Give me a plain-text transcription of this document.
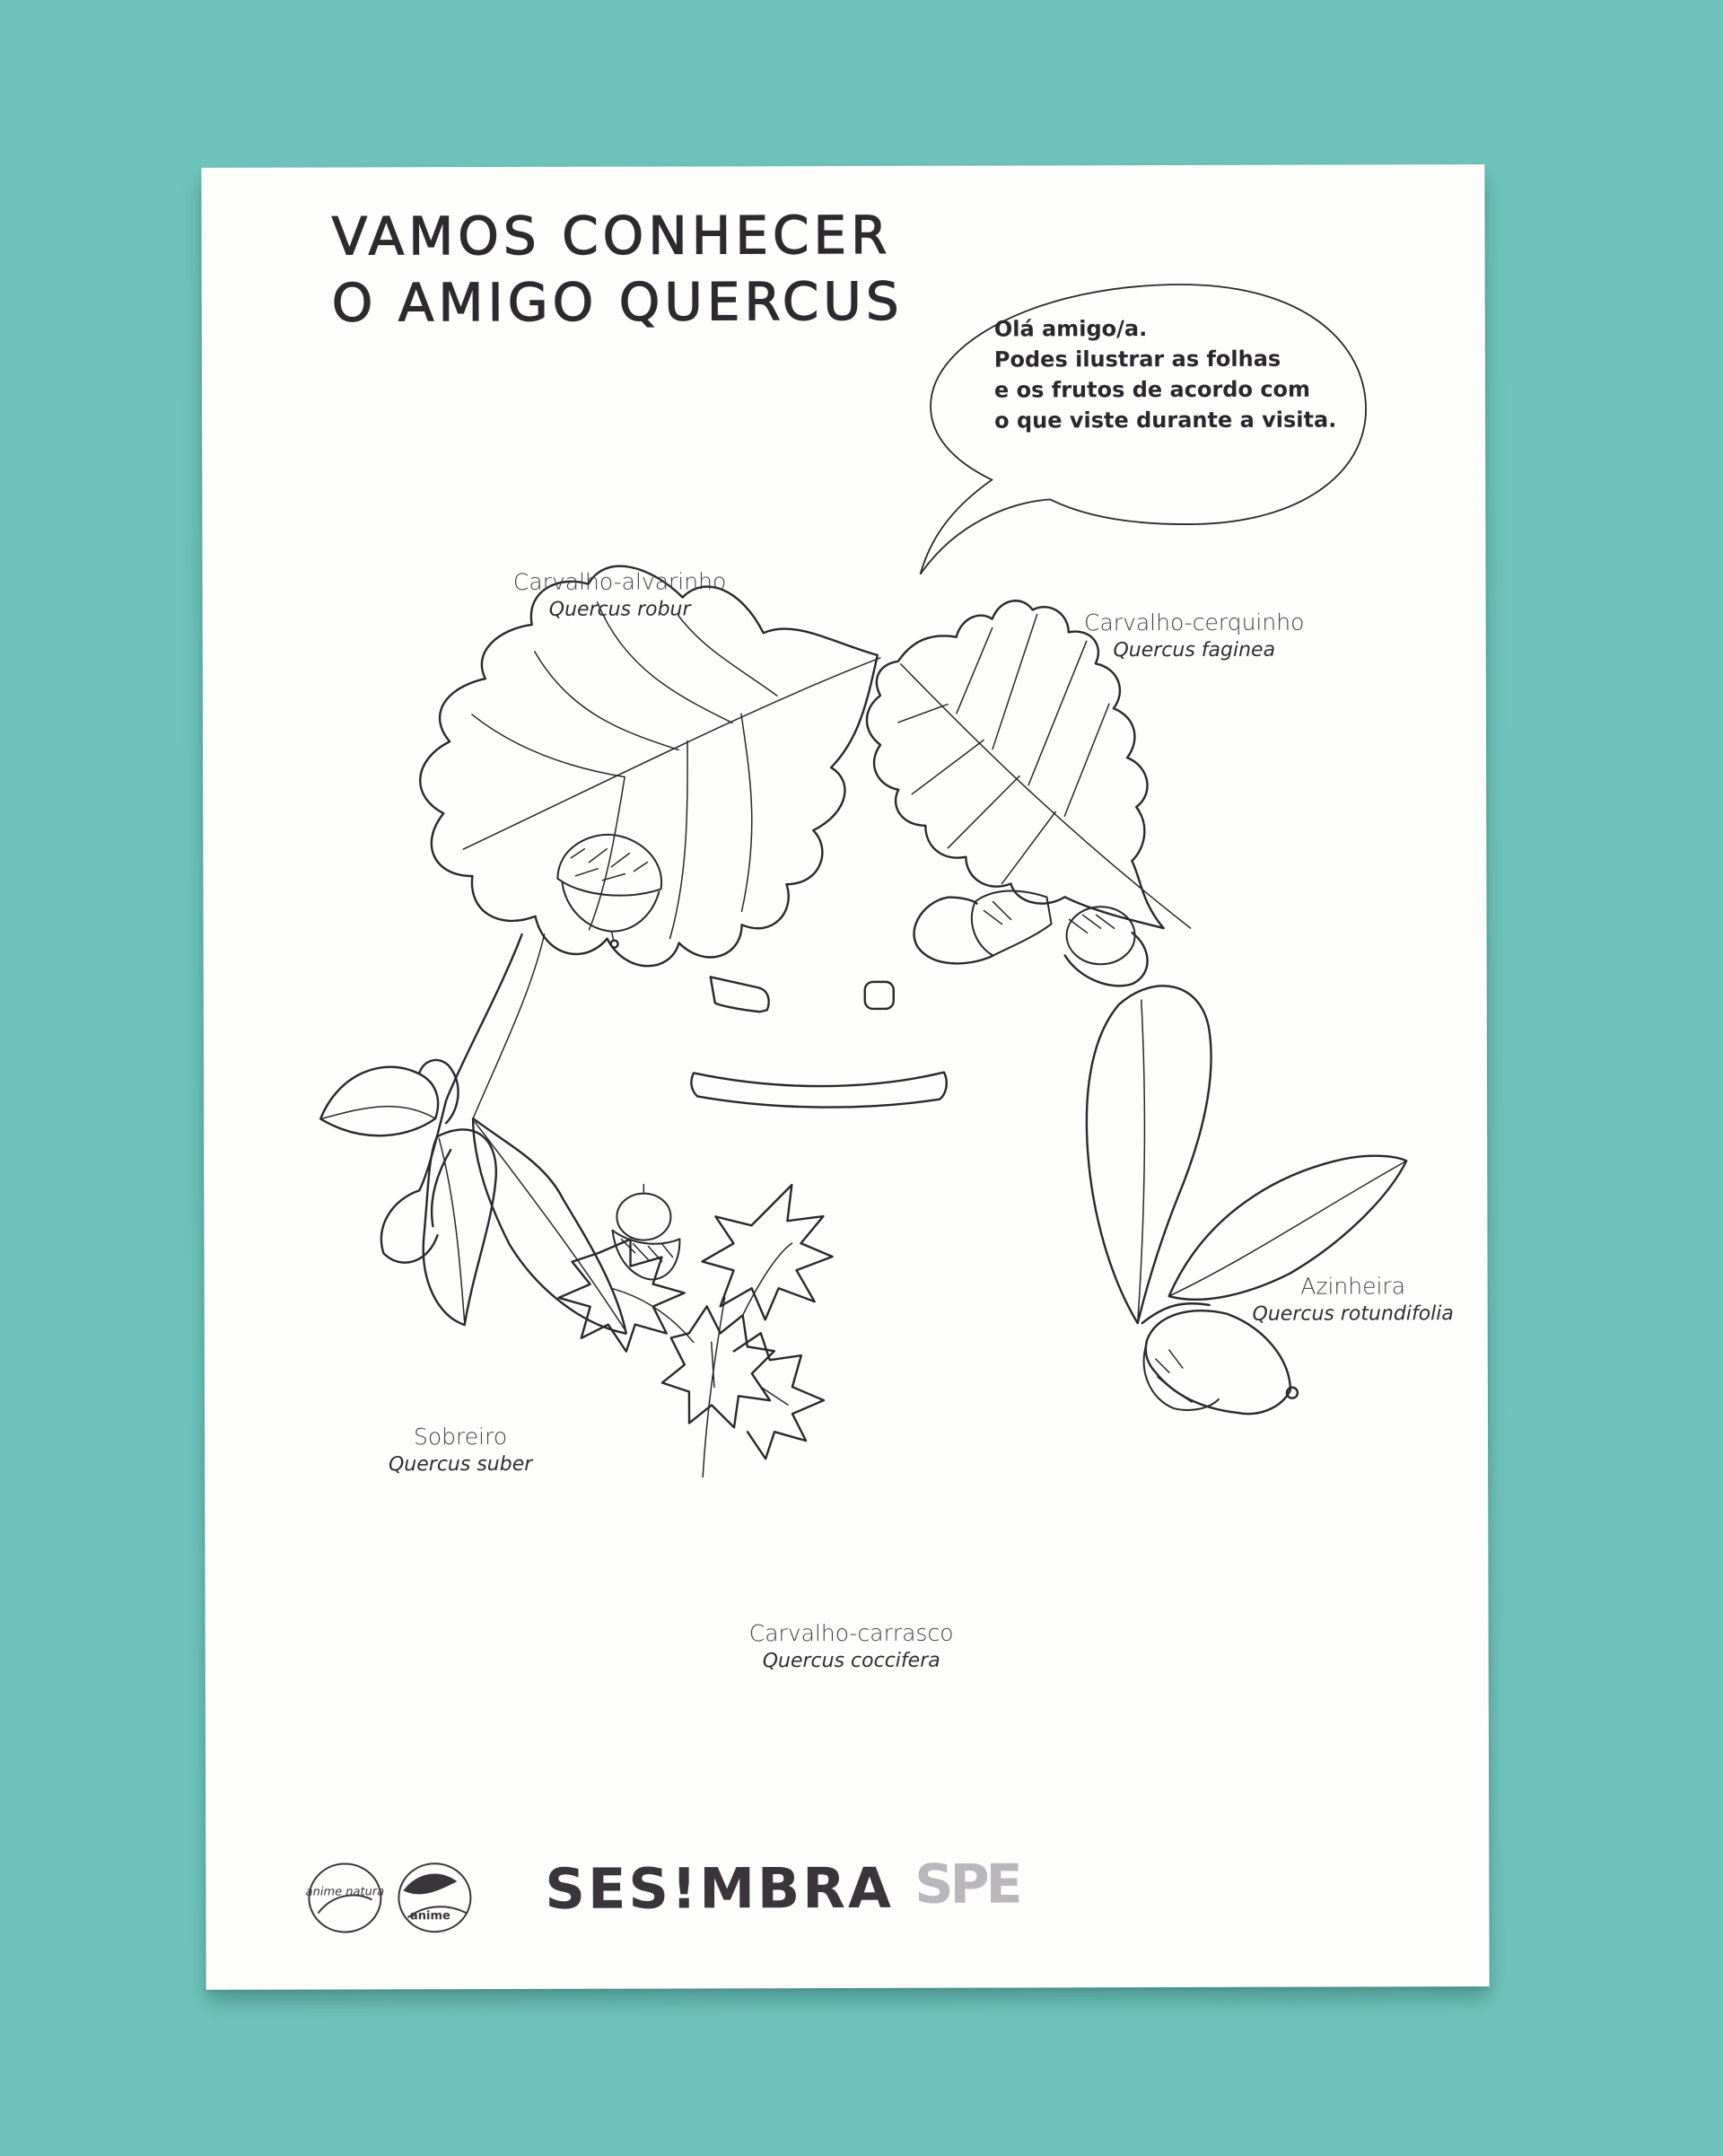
VAMOS CONHECER
O AMIGO QUERCUS	Olá amigo/a.
Podes ilustrar as folhas
e os frutos de acordo com
o que viste durante a visita.
Carvalho-alvarinho
Quercus robur	Carvalho-cerquinho
Quercus faginea
Azinheira
Quercus rotundifolia
Sobreiro
Quercus suber
Carvalho-carrasco
Quercus coccifera
anime natura
anime SES!MBRA SPE
